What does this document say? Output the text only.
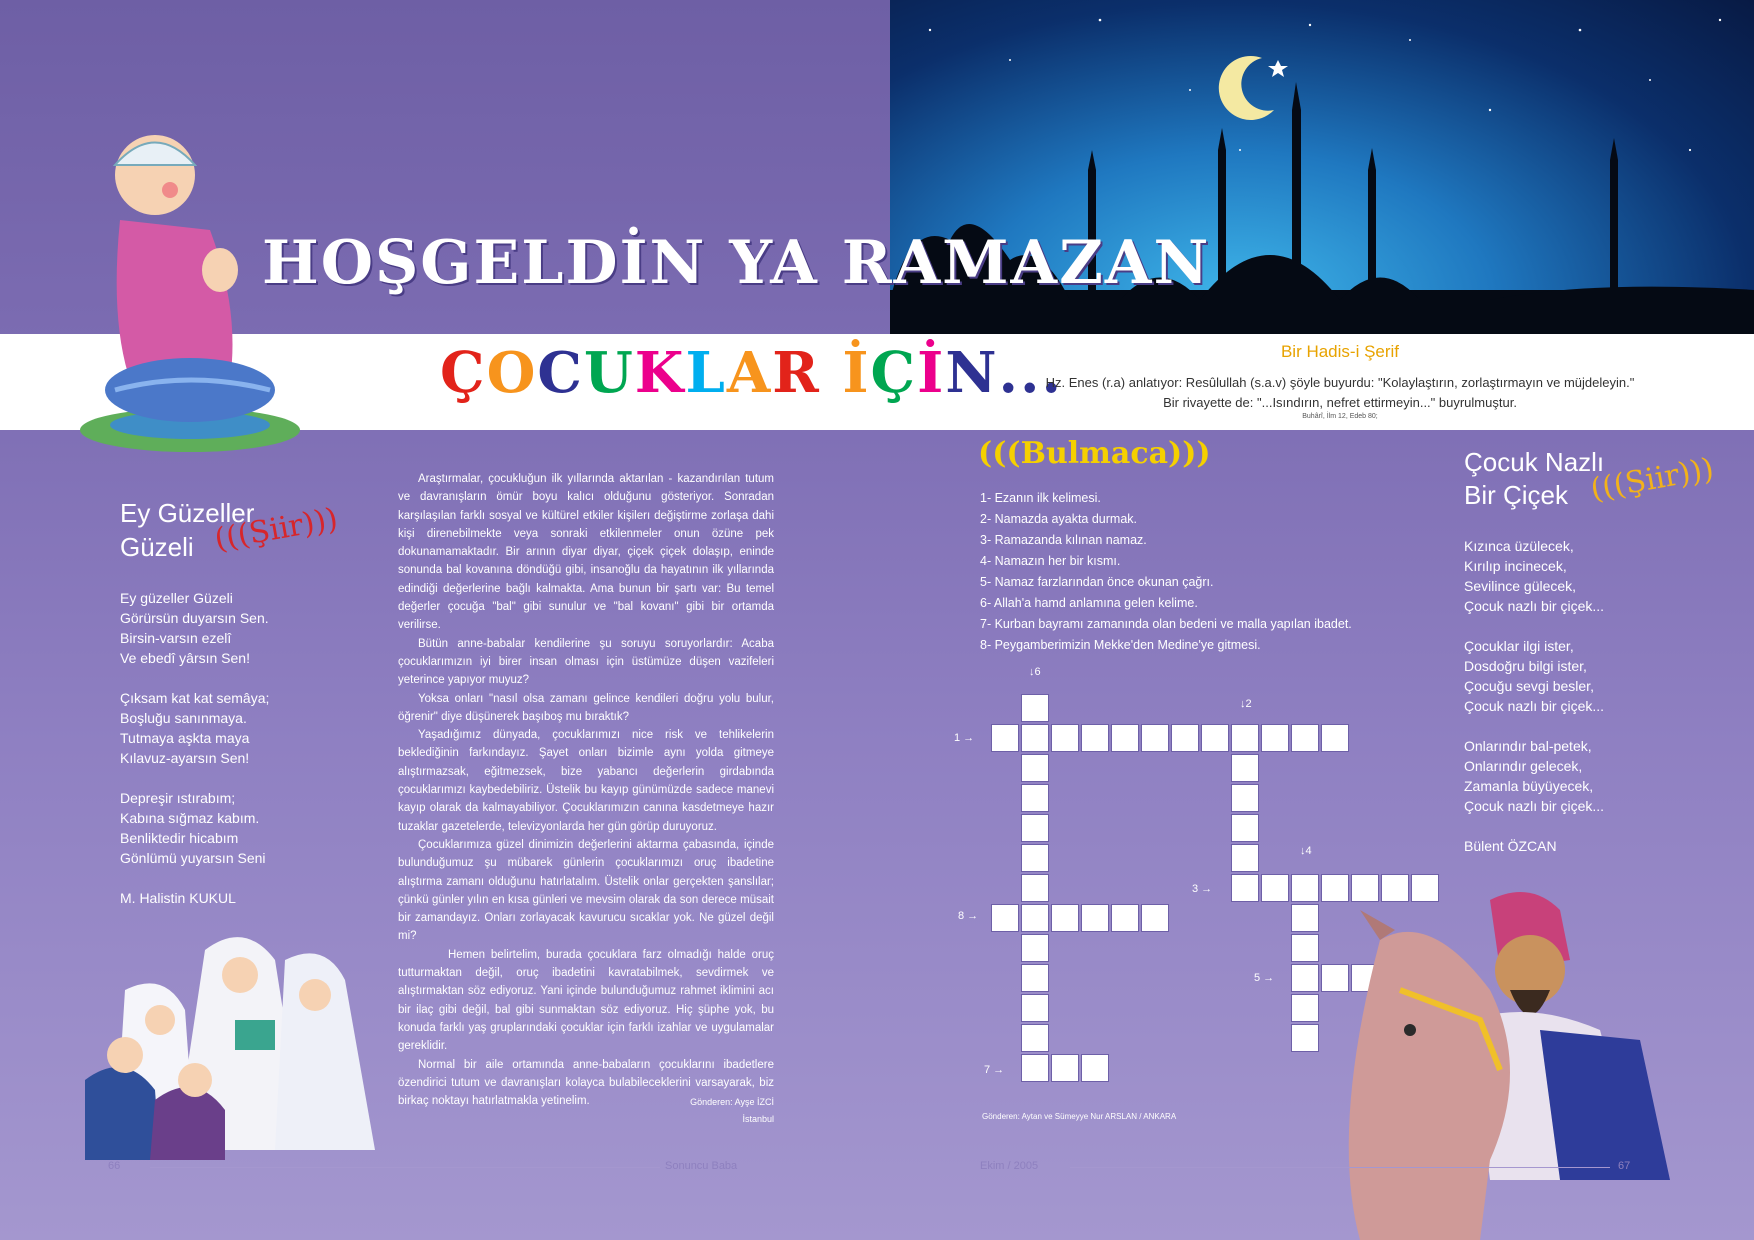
HOŞGELDİN YA RAMAZAN
ÇOCUKLAR İÇİN...	Bir Hadis-i Şerif
Hz. Enes (r.a) anlatıyor: Resûlullah (s.a.v) şöyle buyurdu: "Kolaylaştırın, zorlaştırmayın ve müjdeleyin."
Bir rivayette de: "...Isındırın, nefret ettirmeyin..." buyrulmuştur.
Buhârî, İlm 12, Edeb 80;
Ey Güzeller
Güzeli (((Şiir)))
Ey güzeller Güzeli
Görürsün duyarsın Sen.
Birsin-varsın ezelî
Ve ebedî yârsın Sen!
Çıksam kat kat semâya;
Boşluğu sanınmaya.
Tutmaya aşkta maya
Kılavuz-ayarsın Sen!
Depreşir ıstırabım;
Kabına sığmaz kabım.
Benliktedir hicabım
Gönlümü yuyarsın Seni
M. Halistin KUKUL

Araştırmalar, çocukluğun ilk yıllarında aktarılan - kazandırılan tutum ve davranışların ömür boyu kalıcı olduğunu gösteriyor. Sonradan karşılaşılan farklı sosyal ve kültürel etkiler kişilerı değiştirme zorlaşa dahi kişi direnebilmekte veya sonraki etkilenmeler onun özüne pek dokunamamaktadır. Bir arının diyar diyar, çiçek çiçek dolaşıp, eninde sonunda bal kovanına döndüğü gibi, insanoğlu da hayatının ilk yıllarında edindiği değerlerine bağlı kalmakta. Ama bunun bir şartı var: Bu temel değerler çocuğa "bal" gibi sunulur ve "bal kovanı" gibi bir ortamda verilirse.

Bütün anne-babalar kendilerine şu soruyu soruyorlardır: Acaba çocuklarımızın iyi birer insan olması için üstümüze düşen vazifeleri yeterince yapıyor muyuz?

Yoksa onları "nasıl olsa zamanı gelince kendileri doğru yolu bulur, öğrenir" diye düşünerek başıboş mu bıraktık?

Yaşadığımız dünyada, çocuklarımızı nice risk ve tehlikelerin beklediğinin farkındayız. Şayet onları bizimle aynı yolda gitmeye alıştırmazsak, eğitmezsek, bize yabancı değerlerin girdabında çocuklarımızı kaybedebiliriz. Üstelik bu kayıp günümüzde sadece manevi kayıp olarak da kalmayabiliyor. Çocuklarımızın canına kasdetmeye hazır tuzaklar gazetelerde, televizyonlarda her gün görüp duruyoruz.

Çocuklarımıza güzel dinimizin değerlerini aktarma çabasında, içinde bulunduğumuz şu mübarek günlerin çocuklarımızı oruç ibadetine alıştırma zamanı olduğunu hatırlatalım. Üstelik onlar gerçekten şanslılar; çünkü günler yılın en kısa günleri ve mevsim olarak da son derece müsait bir zamandayız. Onları zorlayacak kavurucu sıcaklar yok. Ne güzel değil mi?

Hemen belirtelim, burada çocuklara farz olmadığı halde oruç tutturmaktan değil, oruç ibadetini kavratabilmek, sevdirmek ve alıştırmaktan söz ediyoruz. Yani içinde bulunduğumuz rahmet iklimini acı bir ilaç gibi değil, bal gibi sunmaktan söz ediyoruz. Hiç şüphe yok, bu konuda farklı yaş gruplarındaki çocuklar için farklı izahlar ve uygulamalar gereklidir.

Normal bir aile ortamında anne-babaların çocuklarını ibadetlere özendirici tutum ve davranışları kolayca bulabileceklerini varsayarak, biz birkaç noktayı hatırlatmakla yetinelim.	Gönderen: Ayşe İZCİ
İstanbul
(((Bulmaca)))
1- Ezanın ilk kelimesi.
2- Namazda ayakta durmak.
3- Ramazanda kılınan namaz.
4- Namazın her bir kısmı.
5- Namaz farzlarından önce okunan çağrı.
6- Allah'a hamd anlamına gelen kelime.
7- Kurban bayramı zamanında olan bedeni ve malla yapılan ibadet.
8- Peygamberimizin Mekke'den Medine'ye gitmesi.
1 →
↓2
3 →
↓4
5 →
↓6
7 →
8 →
Gönderen: Aytan ve Sümeyye Nur ARSLAN / ANKARA
Çocuk Nazlı
Bir Çiçek (((Şiir)))
Kızınca üzülecek,
Kırılıp incinecek,
Sevilince gülecek,
Çocuk nazlı bir çiçek...
Çocuklar ilgi ister,
Dosdoğru bilgi ister,
Çocuğu sevgi besler,
Çocuk nazlı bir çiçek...
Onlarındır bal-petek,
Onlarındır gelecek,
Zamanla büyüyecek,
Çocuk nazlı bir çiçek...
Bülent ÖZCAN
66	Sonuncu Baba	Ekim / 2005	67
